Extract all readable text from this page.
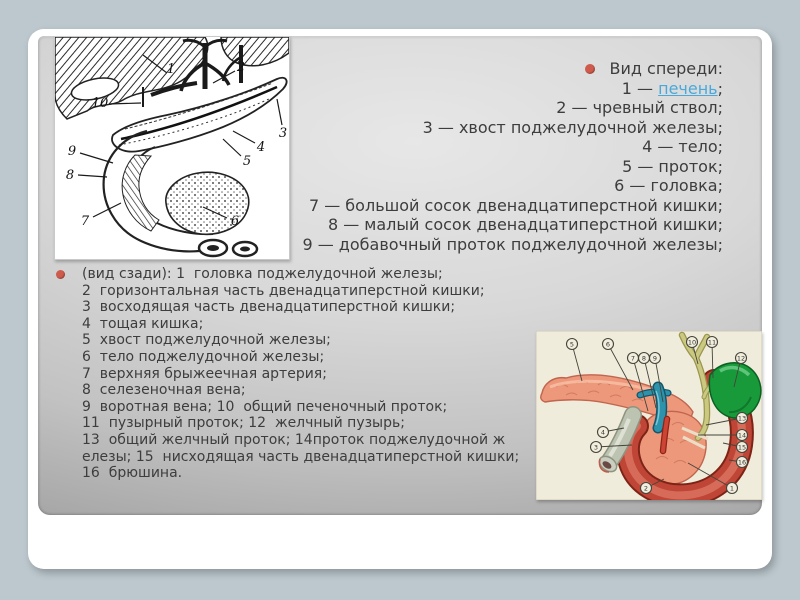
1	2
3
4
5
6
7
8
9
10
Вид спереди:
1 — печень;
2 — чревный ствол;
3 — хвост поджелудочной железы;
4 — тело;
5 — проток;
6 — головка;
7 — большой сосок двенадцатиперстной кишки;
8 — малый сосок двенадцатиперстной кишки;
9 — добавочный проток поджелудочной железы;
(вид сзади): 1  головка поджелудочной железы;
2  горизонтальная часть двенадцатиперстной кишки;
3  восходящая часть двенадцатиперстной кишки;
4  тощая кишка;
5  хвост поджелудочной железы;
6  тело поджелудочной железы;
7  верхняя брыжеечная артерия;
8  селезеночная вена;
9  воротная вена; 10  общий печеночный проток;
11  пузырный проток; 12  желчный пузырь;
13  общий желчный проток; 14проток поджелудочной ж
елезы; 15  нисходящая часть двенадцатиперстной кишки;
16  брюшина.
1
2
3
4
5	6
7 8 9
10 11
12
13
14
15
16
